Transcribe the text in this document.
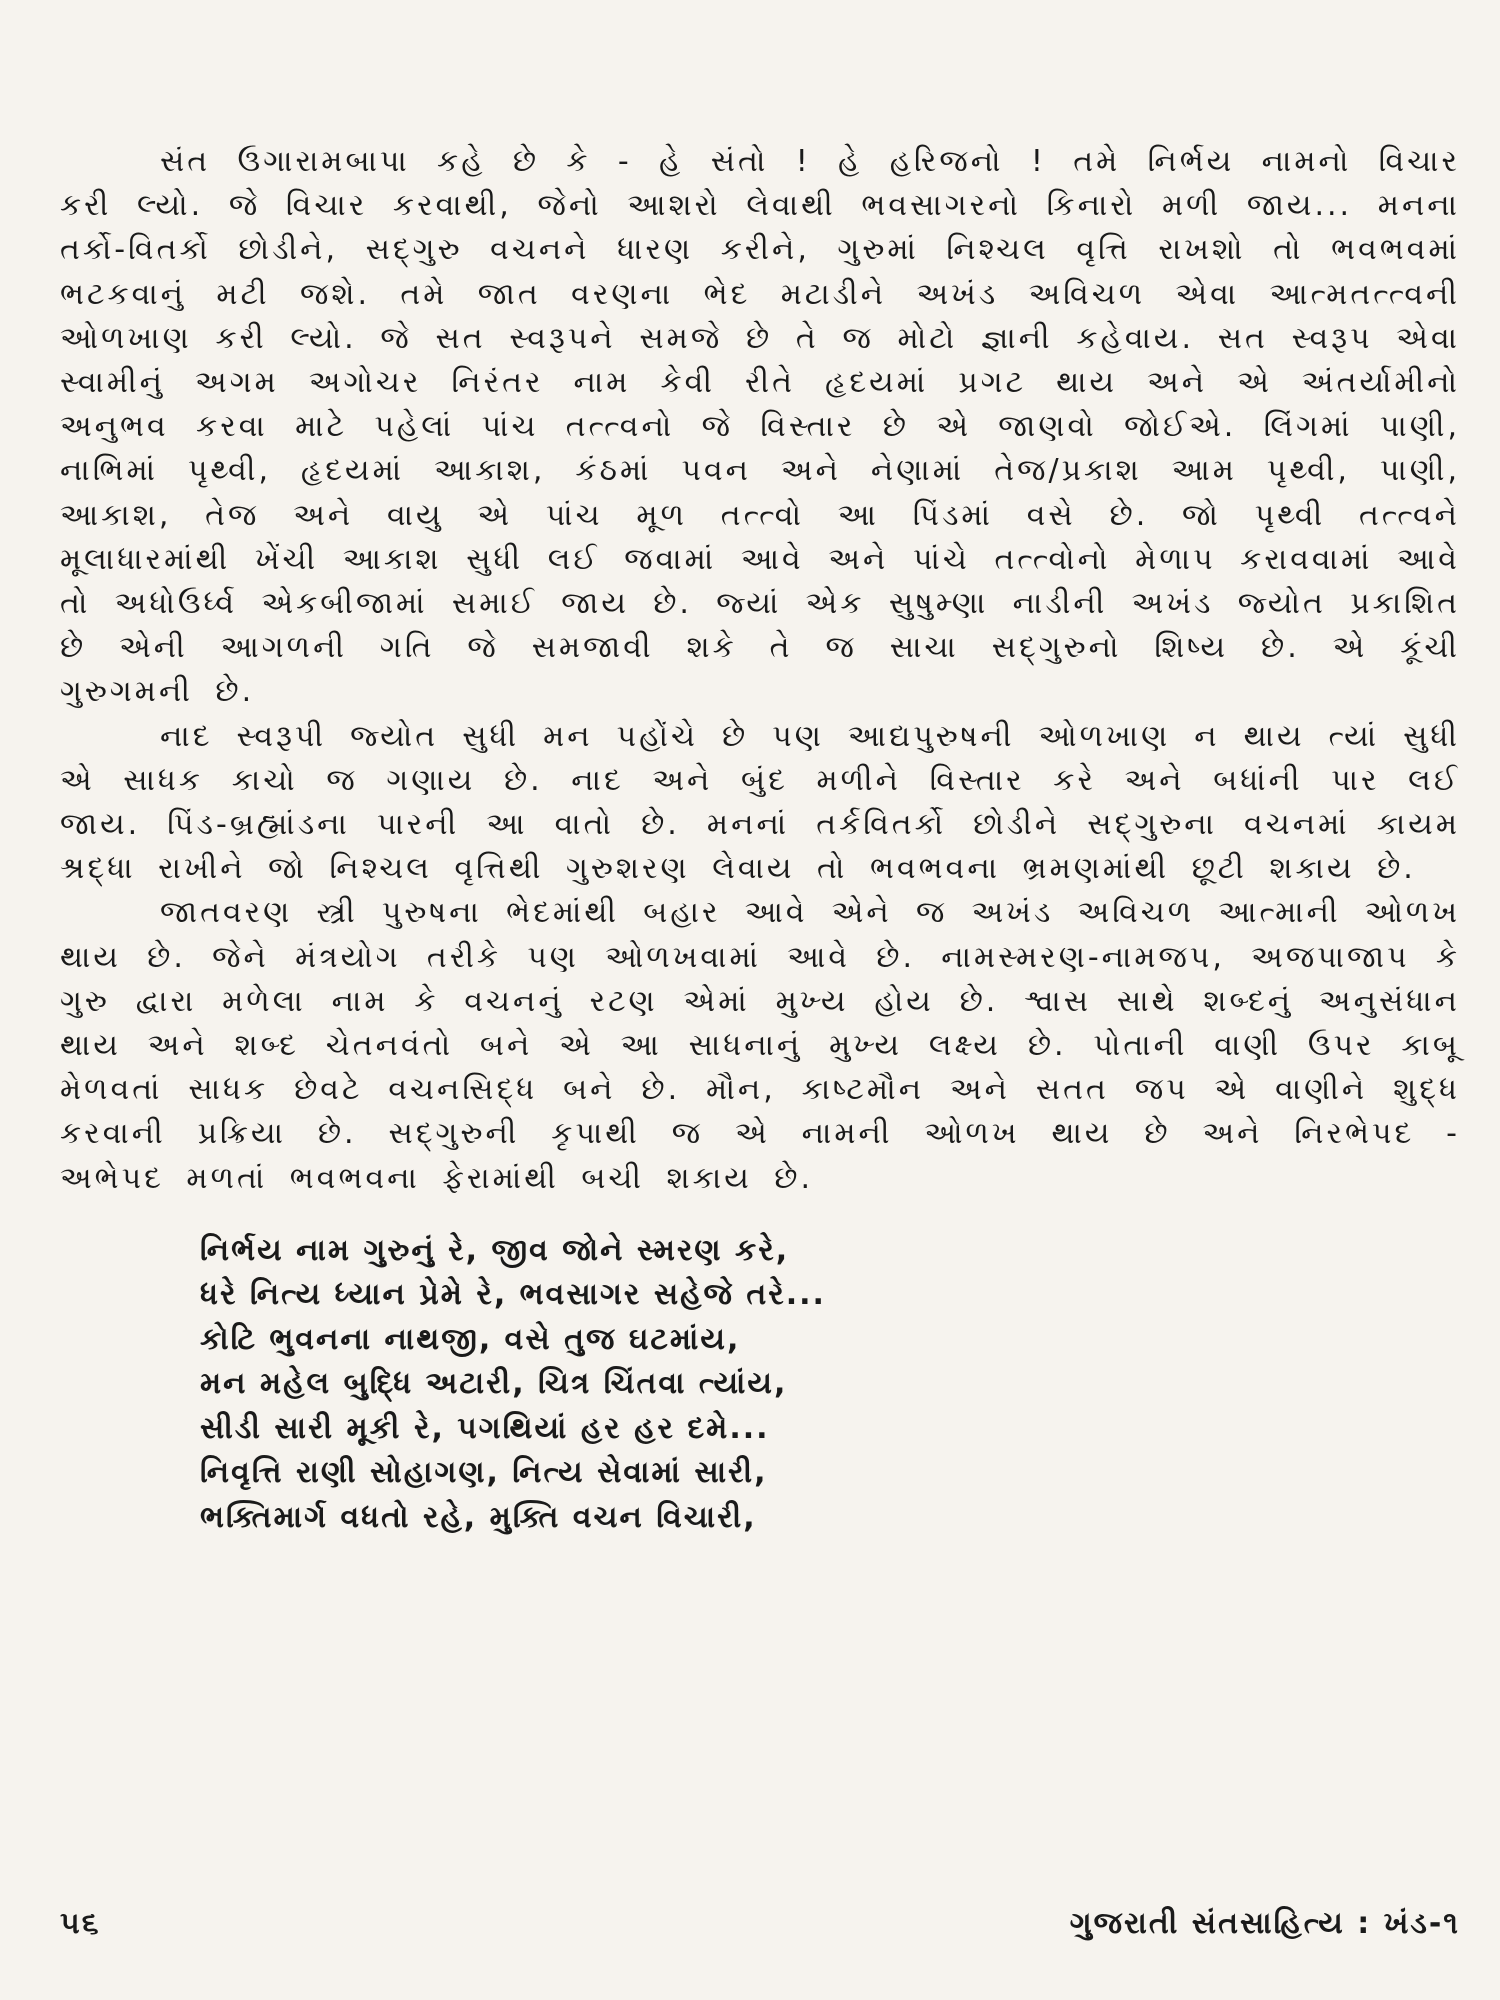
સંત ઉગારામબાપા કહે છે કે - હે સંતો ! હે હરિજનો ! તમે નિર્ભય નામનો વિચાર કરી લ્યો. જે વિચાર કરવાથી, જેનો આશરો લેવાથી ભવસાગરનો કિનારો મળી જાય... મનના તર્કો-વિતર્કો છોડીને, સદ્‌ગુરુ વચનને ધારણ કરીને, ગુરુમાં નિશ્ચલ વૃત્તિ રાખશો તો ભવભવમાં ભટકવાનું મટી જશે. તમે જાત વરણના ભેદ મટાડીને અખંડ અવિચળ એવા આત્મતત્ત્વની ઓળખાણ કરી લ્યો. જે સત સ્વરૂપને સમજે છે તે જ મોટો જ્ઞાની કહેવાય. સત સ્વરૂપ એવા સ્વામીનું અગમ અગોચર નિરંતર નામ કેવી રીતે હૃદયમાં પ્રગટ થાય અને એ અંતર્યામીનો અનુભવ કરવા માટે પહેલાં પાંચ તત્ત્વનો જે વિસ્તાર છે એ જાણવો જોઈએ. લિંગમાં પાણી, નાભિમાં પૃથ્વી, હૃદયમાં આકાશ, કંઠમાં પવન અને નેણામાં તેજ/પ્રકાશ આમ પૃથ્વી, પાણી, આકાશ, તેજ અને વાયુ એ પાંચ મૂળ તત્ત્વો આ પિંડમાં વસે છે. જો પૃથ્વી તત્ત્વને મૂલાધારમાંથી ખેંચી આકાશ સુધી લઈ જવામાં આવે અને પાંચે તત્ત્વોનો મેળાપ કરાવવામાં આવે તો અધોઉર્ધ્વ એકબીજામાં સમાઈ જાય છે. જ્યાં એક સુષુમ્ણા નાડીની અખંડ જ્યોત પ્રકાશિત છે એની આગળની ગતિ જે સમજાવી શકે તે જ સાચા સદ્‌ગુરુનો શિષ્ય છે. એ કૂંચી ગુરુગમની છે.

નાદ સ્વરૂપી જ્યોત સુધી મન પહોંચે છે પણ આદ્યપુરુષની ઓળખાણ ન થાય ત્યાં સુધી એ સાધક કાચો જ ગણાય છે. નાદ અને બુંદ મળીને વિસ્તાર કરે અને બધાંની પાર લઈ જાય. પિંડ-બ્રહ્માંડના પારની આ વાતો છે. મનનાં તર્કવિતર્કો છોડીને સદ્‌ગુરુના વચનમાં કાયમ શ્રદ્ધા રાખીને જો નિશ્ચલ વૃત્તિથી ગુરુશરણ લેવાય તો ભવભવના ભ્રમણમાંથી છૂટી શકાય છે.

જાતવરણ સ્ત્રી પુરુષના ભેદમાંથી બહાર આવે એને જ અખંડ અવિચળ આત્માની ઓળખ થાય છે. જેને મંત્રયોગ તરીકે પણ ઓળખવામાં આવે છે. નામસ્મરણ-નામજપ, અજપાજાપ કે ગુરુ દ્વારા મળેલા નામ કે વચનનું રટણ એમાં મુખ્ય હોય છે. શ્વાસ સાથે શબ્દનું અનુસંધાન થાય અને શબ્દ ચેતનવંતો બને એ આ સાધનાનું મુખ્ય લક્ષ્ય છે. પોતાની વાણી ઉપર કાબૂ મેળવતાં સાધક છેવટે વચનસિદ્ધ બને છે. મૌન, કાષ્ટમૌન અને સતત જપ એ વાણીને શુદ્ધ કરવાની પ્રક્રિયા છે. સદ્‌ગુરુની કૃપાથી જ એ નામની ઓળખ થાય છે અને નિરભેપદ - અભેપદ મળતાં ભવભવના ફેરામાંથી બચી શકાય છે.

નિર્ભય નામ ગુરુનું રે, જીવ જોને સ્મરણ કરે,
ધરે નિત્ય ધ્યાન પ્રેમે રે, ભવસાગર સહેજે તરે...
કોટિ ભુવનના નાથજી, વસે તુજ ઘટમાંય,
મન મહેલ બુદ્ધિ અટારી, ચિત્ર ચિંતવા ત્યાંય,
સીડી સારી મૂકી રે, પગથિયાં હર હર દમે...
નિવૃત્તિ રાણી સોહાગણ, નિત્ય સેવામાં સારી,
ભક્તિમાર્ગ વધતો રહે, મુક્તિ વચન વિચારી,
૫૬	ગુજરાતી સંતસાહિત્ય : ખંડ-૧
